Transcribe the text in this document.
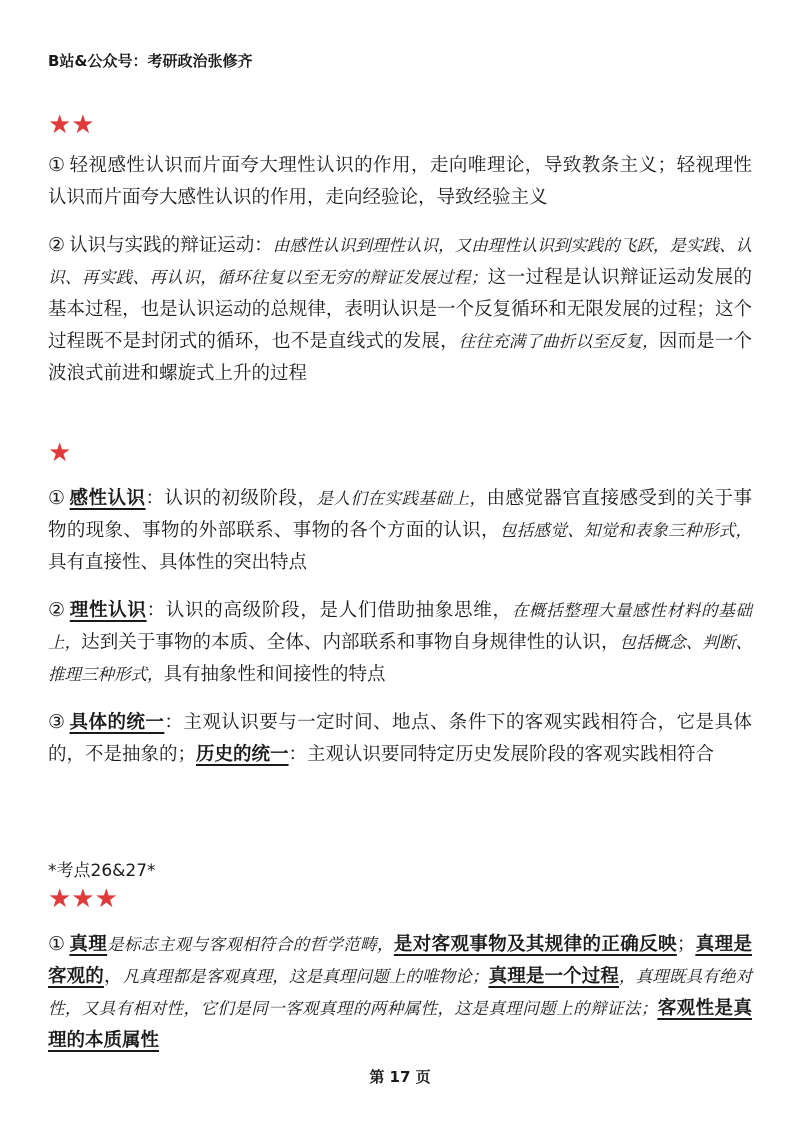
B站&公众号：考研政治张修齐
★★
① 轻视感性认识而片面夸大理性认识的作用，走向唯理论，导致教条主义；轻视理性认识而片面夸大感性认识的作用，走向经验论，导致经验主义
② 认识与实践的辩证运动：由感性认识到理性认识，又由理性认识到实践的飞跃，是实践、认识、再实践、再认识，循环往复以至无穷的辩证发展过程；这一过程是认识辩证运动发展的基本过程，也是认识运动的总规律，表明认识是一个反复循环和无限发展的过程；这个过程既不是封闭式的循环，也不是直线式的发展，往往充满了曲折以至反复，因而是一个波浪式前进和螺旋式上升的过程
★
① 感性认识：认识的初级阶段，是人们在实践基础上，由感觉器官直接感受到的关于事物的现象、事物的外部联系、事物的各个方面的认识，包括感觉、知觉和表象三种形式，具有直接性、具体性的突出特点
② 理性认识：认识的高级阶段，是人们借助抽象思维，在概括整理大量感性材料的基础上，达到关于事物的本质、全体、内部联系和事物自身规律性的认识，包括概念、判断、推理三种形式，具有抽象性和间接性的特点
③ 具体的统一：主观认识要与一定时间、地点、条件下的客观实践相符合，它是具体的，不是抽象的；历史的统一：主观认识要同特定历史发展阶段的客观实践相符合
*考点26&27*
★★★
① 真理是标志主观与客观相符合的哲学范畴，是对客观事物及其规律的正确反映；真理是客观的，凡真理都是客观真理，这是真理问题上的唯物论；真理是一个过程，真理既具有绝对性，又具有相对性，它们是同一客观真理的两种属性，这是真理问题上的辩证法；客观性是真理的本质属性
第 17 页
